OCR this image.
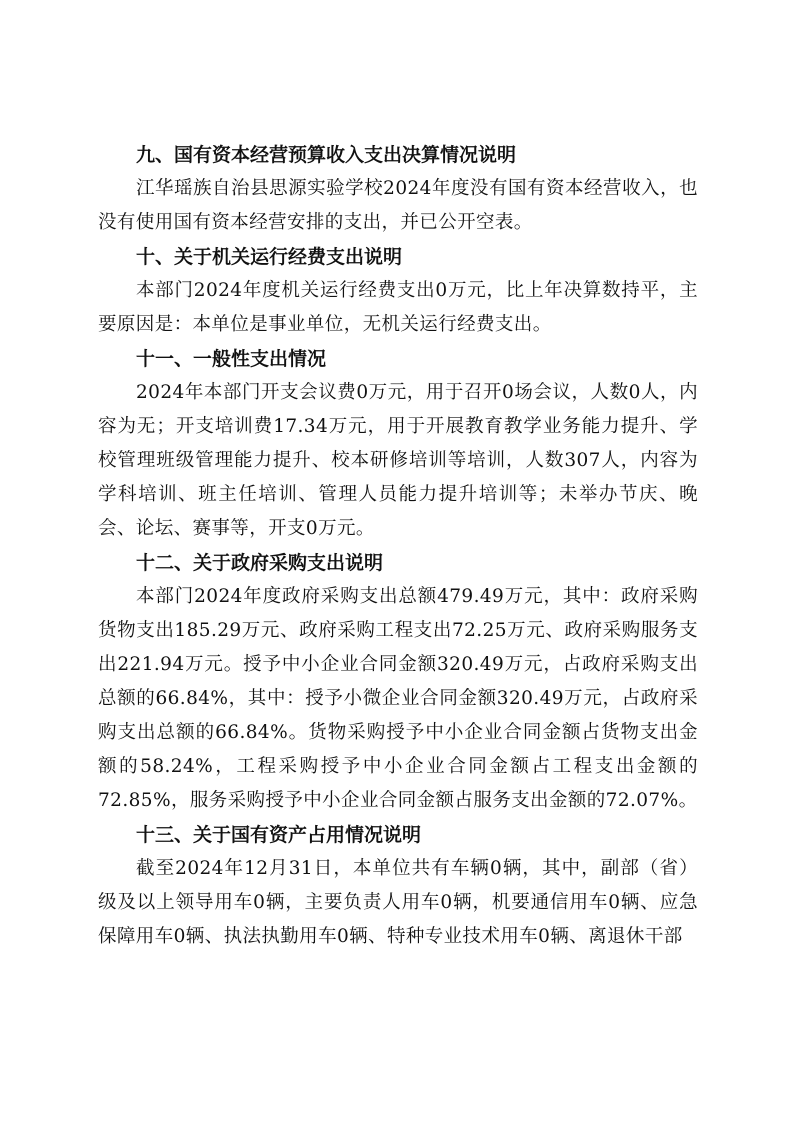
九、国有资本经营预算收入支出决算情况说明

江华瑶族自治县思源实验学校2024年度没有国有资本经营收入，也没有使用国有资本经营安排的支出，并已公开空表。

十、关于机关运行经费支出说明

本部门2024年度机关运行经费支出0万元，比上年决算数持平，主要原因是：本单位是事业单位，无机关运行经费支出。

十一、一般性支出情况

2024年本部门开支会议费0万元，用于召开0场会议，人数0人，内容为无；开支培训费17.34万元，用于开展教育教学业务能力提升、学校管理班级管理能力提升、校本研修培训等培训，人数307人，内容为学科培训、班主任培训、管理人员能力提升培训等；未举办节庆、晚会、论坛、赛事等，开支0万元。

十二、关于政府采购支出说明

本部门2024年度政府采购支出总额479.49万元，其中：政府采购货物支出185.29万元、政府采购工程支出72.25万元、政府采购服务支出221.94万元。授予中小企业合同金额320.49万元，占政府采购支出总额的66.84%，其中：授予小微企业合同金额320.49万元，占政府采购支出总额的66.84%。货物采购授予中小企业合同金额占货物支出金额的58.24%，工程采购授予中小企业合同金额占工程支出金额的72.85%，服务采购授予中小企业合同金额占服务支出金额的72.07%。

十三、关于国有资产占用情况说明

截至2024年12月31日，本单位共有车辆0辆，其中，副部（省）级及以上领导用车0辆，主要负责人用车0辆，机要通信用车0辆、应急保障用车0辆、执法执勤用车0辆、特种专业技术用车0辆、离退休干部
